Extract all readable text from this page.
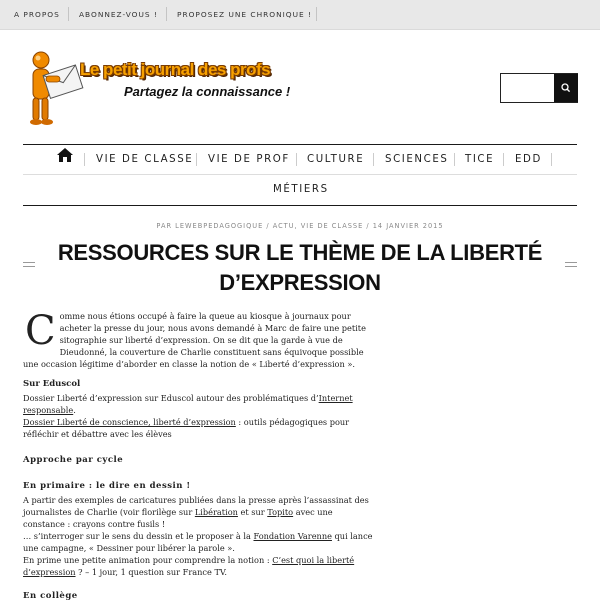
A PROPOS	ABONNEZ-VOUS !	PROPOSEZ UNE CHRONIQUE !
Le petit journal des profs
Partagez la connaissance !
VIE DE CLASSE VIE DE PROF CULTURE SCIENCES TICE EDD
MÉTIERS
PAR LEWEBPEDAGOGIQUE / ACTU, VIE DE CLASSE / 14 JANVIER 2015
RESSOURCES SUR LE THÈME DE LA LIBERTÉ D’EXPRESSION

Comme nous étions occupé à faire la queue au kiosque à journaux pour acheter la presse du jour, nous avons demandé à Marc de faire une petite sitographie sur liberté d’expression. On se dit que la garde à vue de Dieudonné, la couverture de Charlie constituent sans équivoque possible une occasion légitime d’aborder en classe la notion de « Liberté d’expression ».

Sur Eduscol
Dossier Liberté d’expression sur Eduscol autour des problématiques d’Internet responsable.
Dossier Liberté de conscience, liberté d’expression : outils pédagogiques pour réfléchir et débattre avec les élèves
Approche par cycle
En primaire : le dire en dessin !
A partir des exemples de caricatures publiées dans la presse après l’assassinat des journalistes de Charlie (voir florilège sur Libération et sur Topito avec une constance : crayons contre fusils !
… s’interroger sur le sens du dessin et le proposer à la Fondation Varenne qui lance une campagne, « Dessiner pour libérer la parole ».
En prime une petite animation pour comprendre la notion : C’est quoi la liberté d’expression ? – 1 jour, 1 question sur France TV.
En collège
